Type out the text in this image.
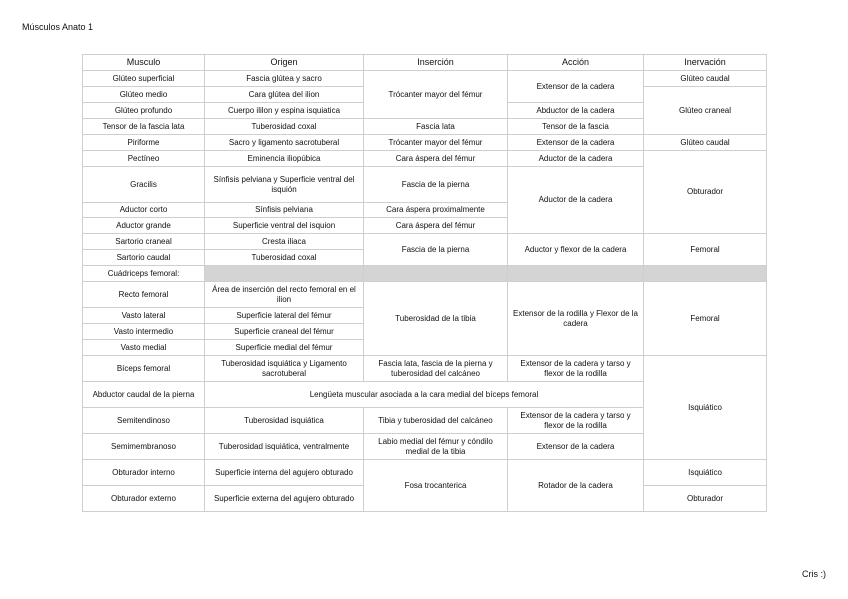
Músculos Anato 1
Musculo	Origen	Inserción	Acción	Inervación
Glúteo superficial	Fascia glútea y sacro	Trócanter mayor del fémur	Extensor de la cadera	Glúteo caudal
Glúteo medio	Cara glútea del ilion			Glúteo craneal
Glúteo profundo	Cuerpo ililon y espina isquiatica		Abductor de la cadera	
Tensor de la fascia lata	Tuberosidad coxal	Fascia lata	Tensor de la fascia	
Piriforme	Sacro y ligamento sacrotuberal	Trócanter mayor del fémur	Extensor de la cadera	Glúteo caudal
Pectíneo	Eminencia iliopúbica	Cara áspera del fémur	Aductor de la cadera	Obturador
Gracilis	Sínfisis pelviana y Superficie ventral del isquión	Fascia de la pierna	Aductor de la cadera	
Aductor corto	Sínfisis pelviana	Cara áspera proximalmente		
Aductor grande	Superficie ventral del isquion	Cara áspera del fémur		
Sartorio craneal	Cresta iliaca	Fascia de la pierna	Aductor y flexor de la cadera	Femoral
Sartorio caudal	Tuberosidad coxal			
Cuádriceps femoral:				
Recto femoral	Área de inserción del recto femoral en el ilion	Tuberosidad de la tibia	Extensor de la rodilla y Flexor de la cadera	Femoral
Vasto lateral	Superficie lateral del fémur			
Vasto intermedio	Superficie craneal del fémur			
Vasto medial	Superficie medial del fémur			
Bíceps femoral	Tuberosidad isquiática y Ligamento sacrotuberal	Fascia lata, fascia de la pierna y tuberosidad del calcáneo	Extensor de la cadera y tarso y flexor de la rodilla	Isquiático
Abductor caudal de la pierna	Lengüeta muscular asociada a la cara medial del bíceps femoral			
Semitendinoso	Tuberosidad isquiática	Tibia y tuberosidad del calcáneo	Extensor de la cadera y tarso y flexor de la rodilla	
Semimembranoso	Tuberosidad isquiática, ventralmente	Labio medial del fémur y cóndilo medial de la tibia	Extensor de la cadera	
Obturador interno	Superficie interna del agujero obturado	Fosa trocanterica	Rotador de la cadera	Isquiático
Obturador externo	Superficie externa del agujero obturado			Obturador
Cris :)
